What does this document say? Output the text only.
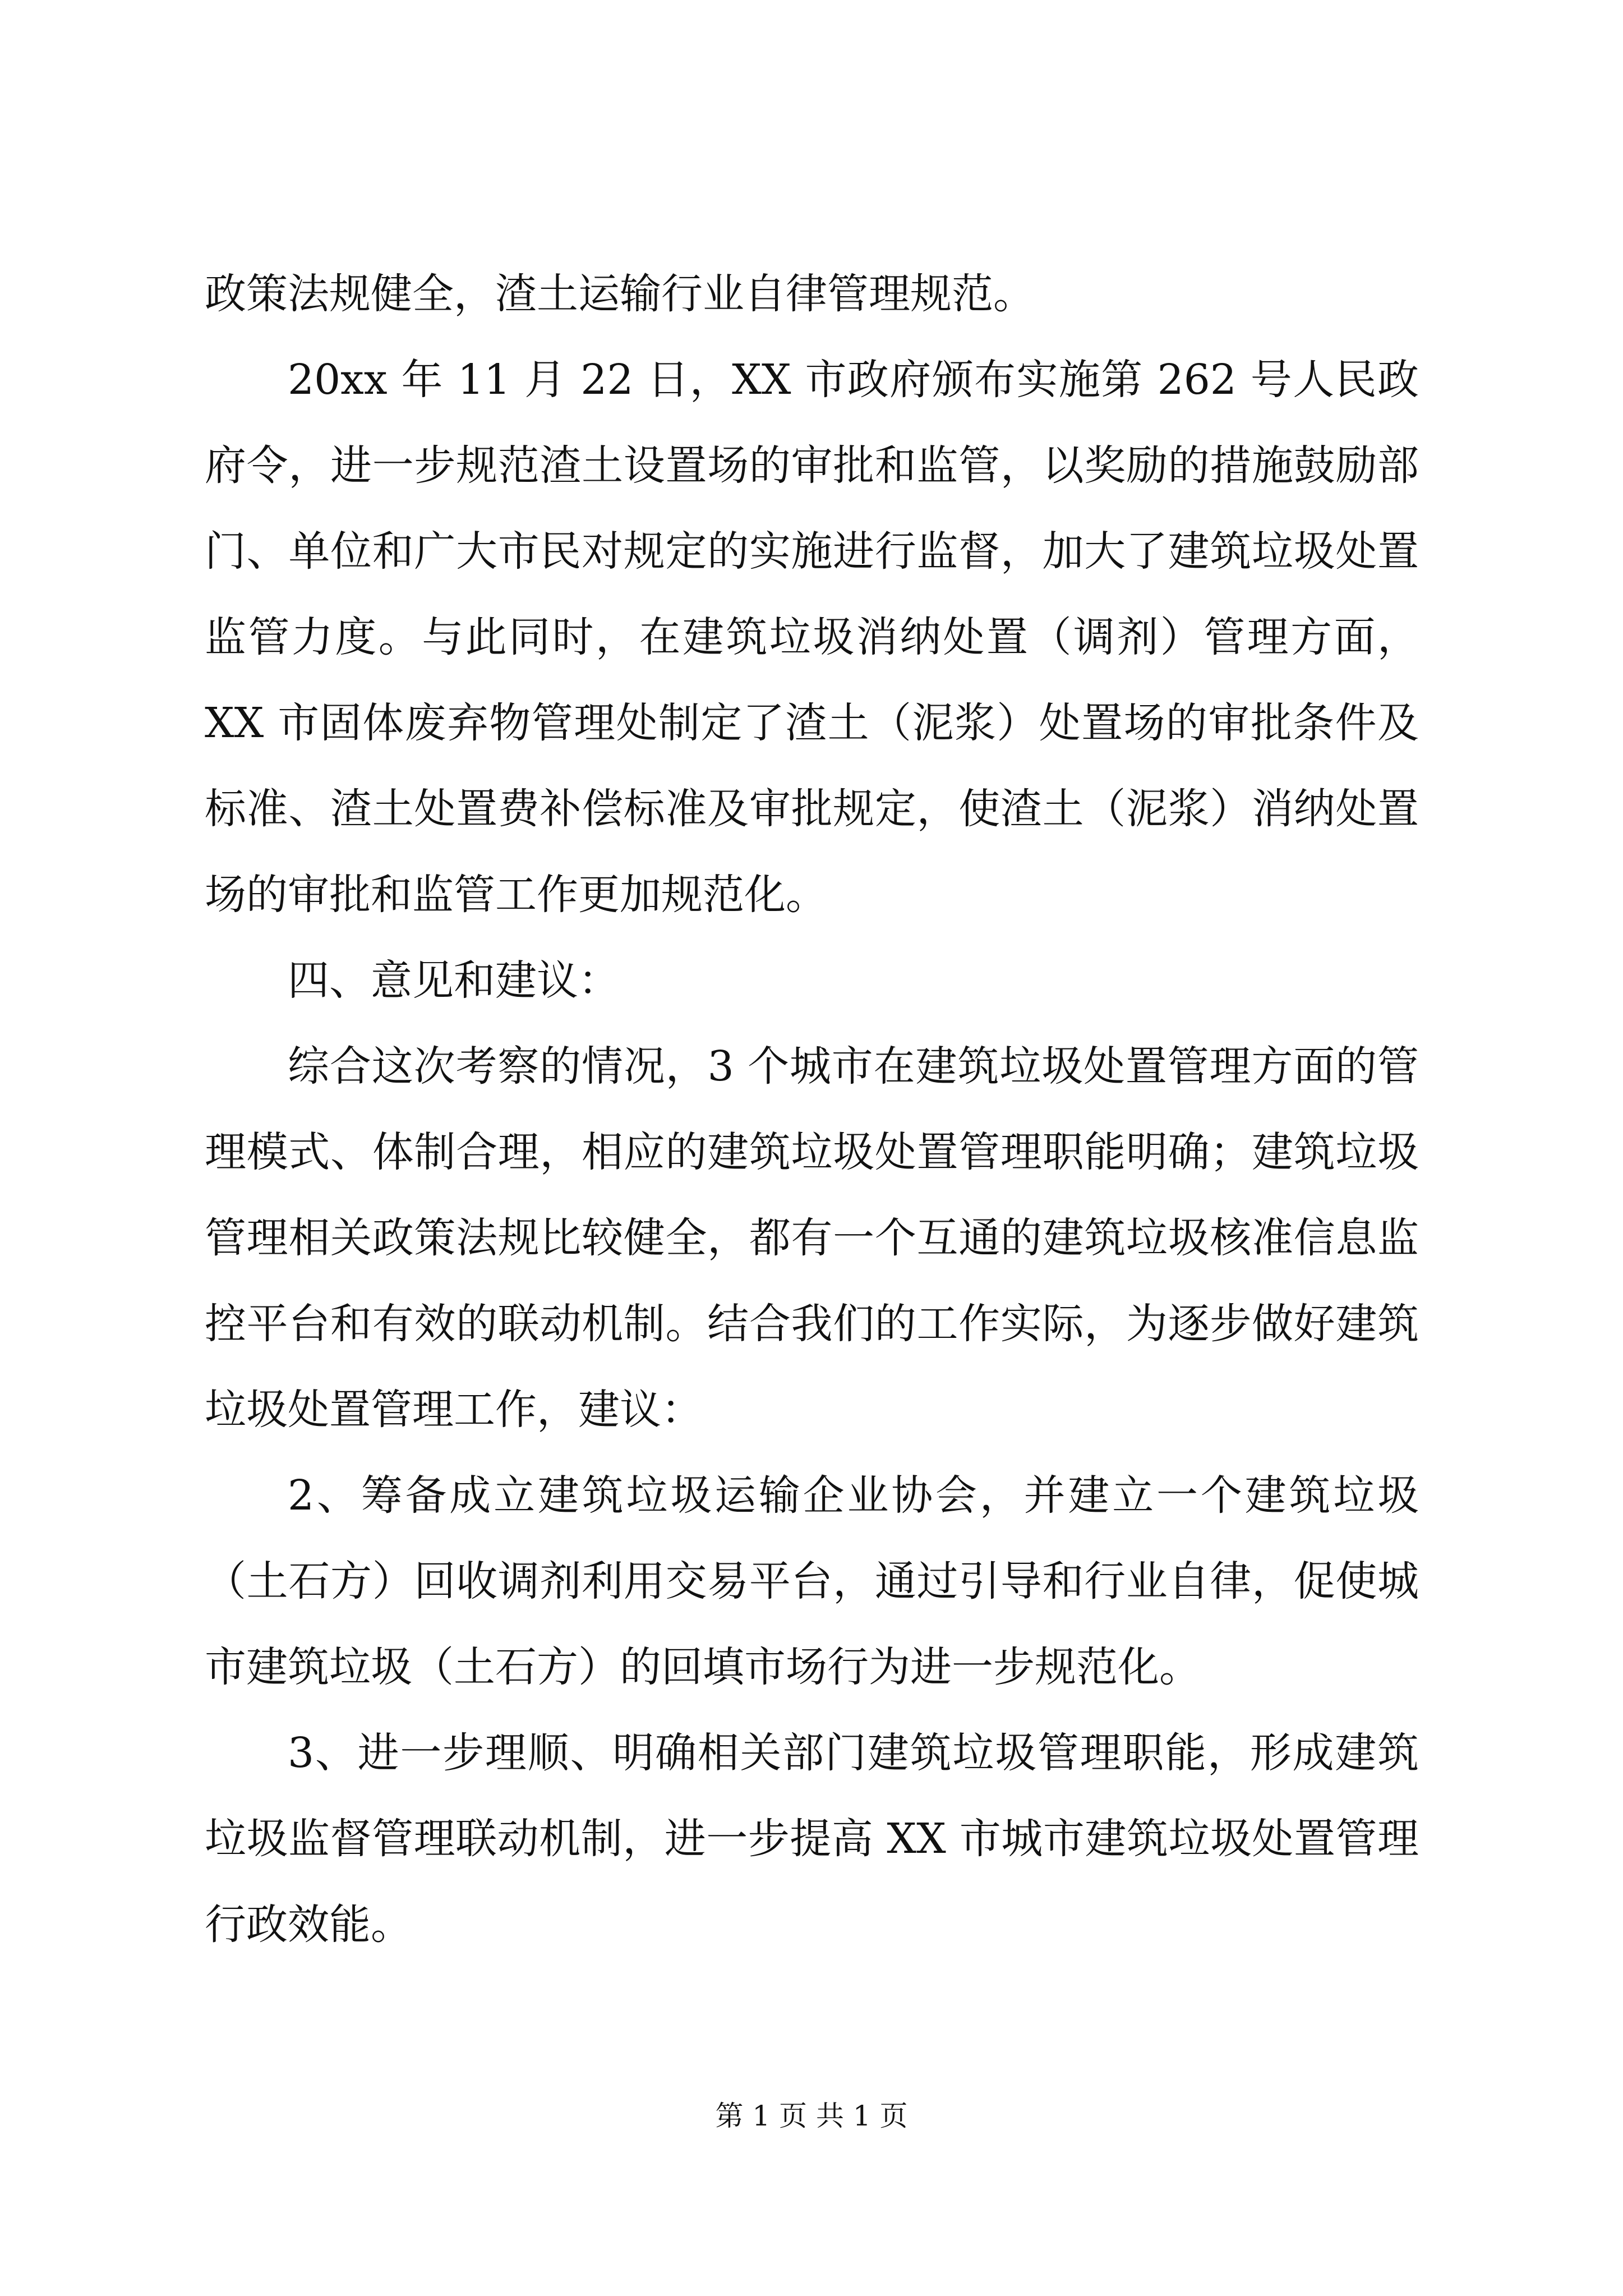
政策法规健全，渣土运输行业自律管理规范。

20xx 年 11 月 22 日，XX 市政府颁布实施第 262 号人民政府令，进一步规范渣土设置场的审批和监管，以奖励的措施鼓励部门、单位和广大市民对规定的实施进行监督，加大了建筑垃圾处置监管力度。与此同时，在建筑垃圾消纳处置（调剂）管理方面，XX 市固体废弃物管理处制定了渣土（泥浆）处置场的审批条件及标准、渣土处置费补偿标准及审批规定，使渣土（泥浆）消纳处置场的审批和监管工作更加规范化。

四、意见和建议：

综合这次考察的情况，3 个城市在建筑垃圾处置管理方面的管理模式、体制合理，相应的建筑垃圾处置管理职能明确；建筑垃圾管理相关政策法规比较健全，都有一个互通的建筑垃圾核准信息监控平台和有效的联动机制。结合我们的工作实际，为逐步做好建筑垃圾处置管理工作，建议：

2、筹备成立建筑垃圾运输企业协会，并建立一个建筑垃圾（土石方）回收调剂利用交易平台，通过引导和行业自律，促使城市建筑垃圾（土石方）的回填市场行为进一步规范化。

3、进一步理顺、明确相关部门建筑垃圾管理职能，形成建筑垃圾监督管理联动机制，进一步提高 XX 市城市建筑垃圾处置管理行政效能。

第 1 页 共 1 页
